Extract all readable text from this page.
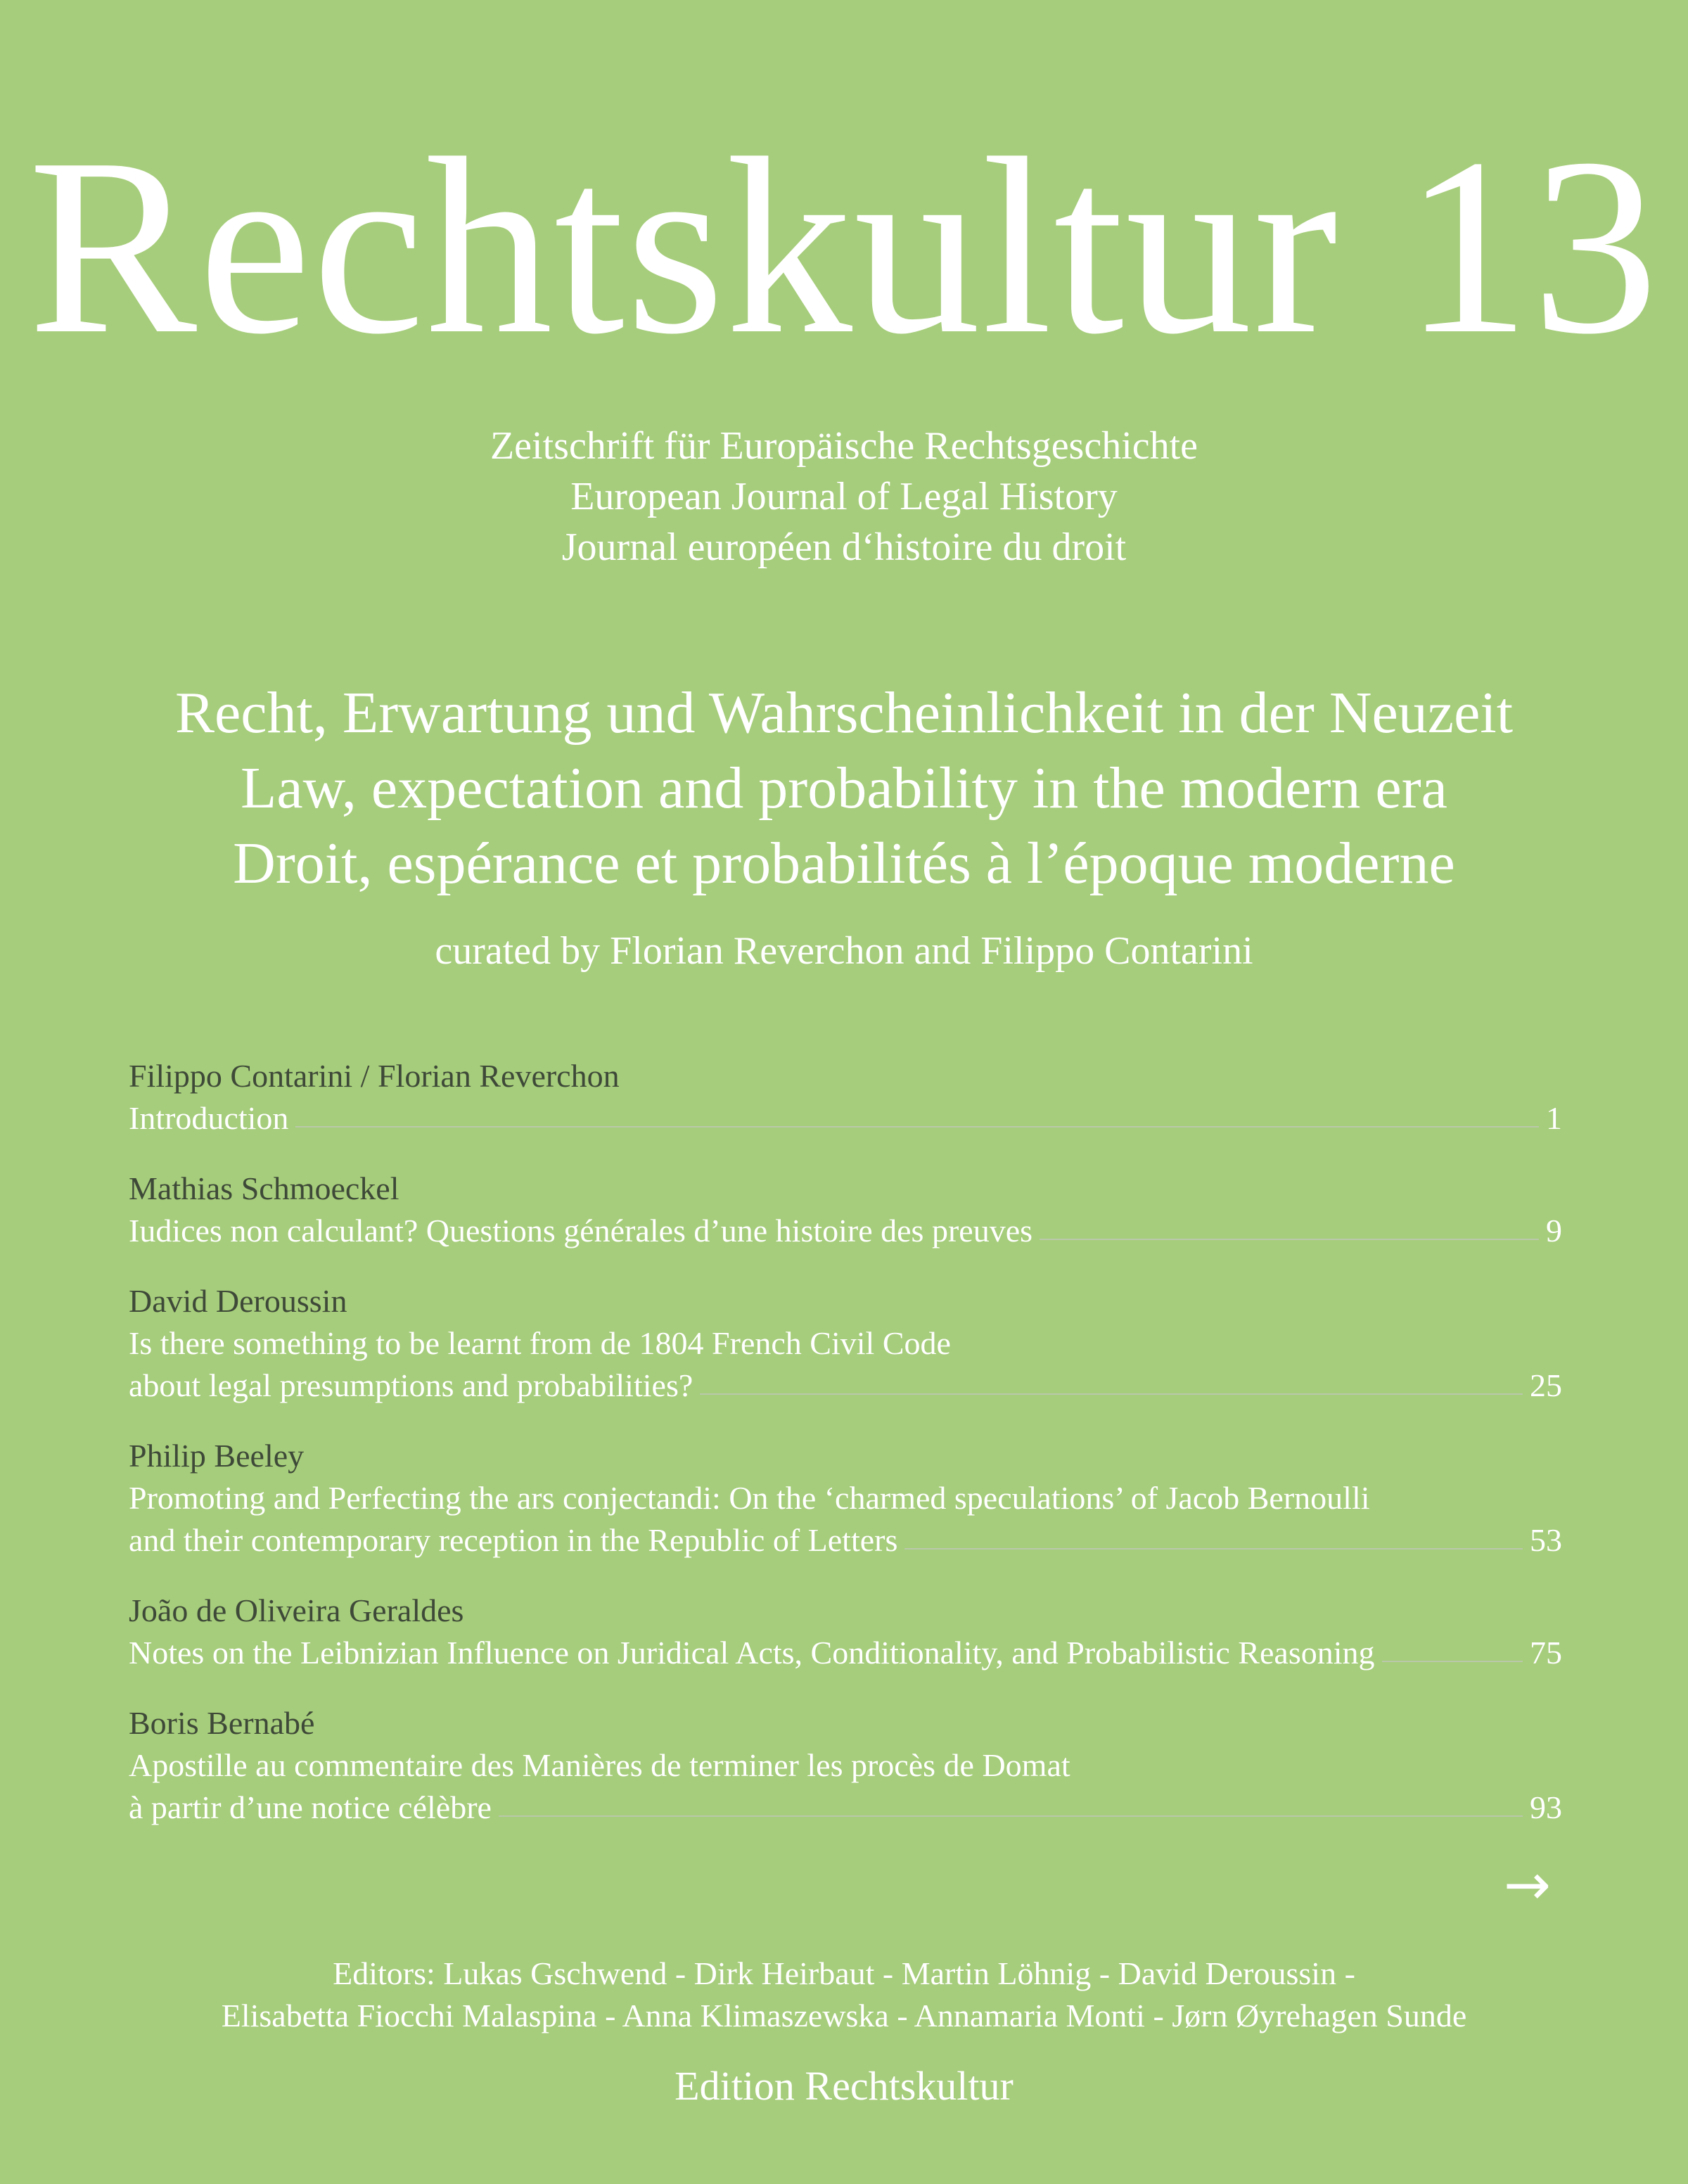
Rechtskultur 13
Zeitschrift für Europäische Rechtsgeschichte
European Journal of Legal History
Journal européen d‘histoire du droit
Recht, Erwartung und Wahrscheinlichkeit in der Neuzeit
Law, expectation and probability in the modern era
Droit, espérance et probabilités à l’époque moderne
curated by Florian Reverchon and Filippo Contarini
Filippo Contarini / Florian Reverchon
Introduction	1
Mathias Schmoeckel
Iudices non calculant? Questions générales d’une histoire des preuves	9
David Deroussin
Is there something to be learnt from de 1804 French Civil Code
about legal presumptions and probabilities?	25
Philip Beeley
Promoting and Perfecting the ars conjectandi: On the ‘charmed speculations’ of Jacob Bernoulli
and their contemporary reception in the Republic of Letters	53
João de Oliveira Geraldes
Notes on the Leibnizian Influence on Juridical Acts, Conditionality, and Probabilistic Reasoning	75
Boris Bernabé
Apostille au commentaire des Manières de terminer les procès de Domat
à partir d’une notice célèbre	93
→
Editors: Lukas Gschwend - Dirk Heirbaut - Martin Löhnig - David Deroussin -
Elisabetta Fiocchi Malaspina - Anna Klimaszewska - Annamaria Monti - Jørn Øyrehagen Sunde
Edition Rechtskultur
